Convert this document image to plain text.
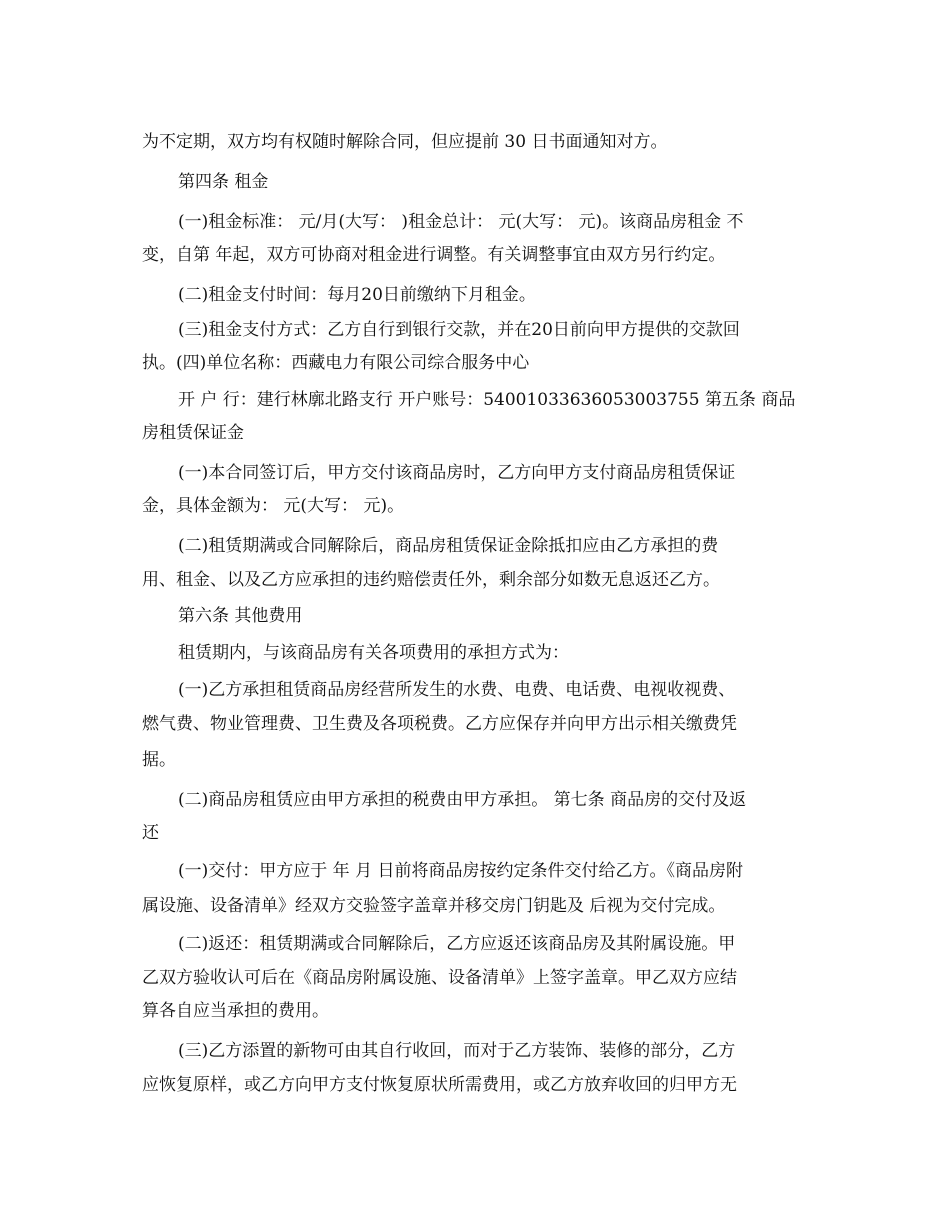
为不定期，双方均有权随时解除合同，但应提前 30 日书面通知对方。
第四条 租金
(一)租金标准： 元/月(大写： )租金总计： 元(大写： 元)。该商品房租金 不
变，自第 年起，双方可协商对租金进行调整。有关调整事宜由双方另行约定。
(二)租金支付时间：每月20日前缴纳下月租金。
(三)租金支付方式：乙方自行到银行交款，并在20日前向甲方提供的交款回
执。(四)单位名称：西藏电力有限公司综合服务中心
开 户 行：建行林廓北路支行 开户账号：54001033636053003755 第五条 商品
房租赁保证金
(一)本合同签订后，甲方交付该商品房时，乙方向甲方支付商品房租赁保证
金，具体金额为： 元(大写： 元)。
(二)租赁期满或合同解除后，商品房租赁保证金除抵扣应由乙方承担的费
用、租金、以及乙方应承担的违约赔偿责任外，剩余部分如数无息返还乙方。
第六条 其他费用
租赁期内，与该商品房有关各项费用的承担方式为：
(一)乙方承担租赁商品房经营所发生的水费、电费、电话费、电视收视费、
燃气费、物业管理费、卫生费及各项税费。乙方应保存并向甲方出示相关缴费凭
据。
(二)商品房租赁应由甲方承担的税费由甲方承担。 第七条 商品房的交付及返
还
(一)交付：甲方应于 年 月 日前将商品房按约定条件交付给乙方。《商品房附
属设施、设备清单》经双方交验签字盖章并移交房门钥匙及 后视为交付完成。
(二)返还：租赁期满或合同解除后，乙方应返还该商品房及其附属设施。甲
乙双方验收认可后在《商品房附属设施、设备清单》上签字盖章。甲乙双方应结
算各自应当承担的费用。
(三)乙方添置的新物可由其自行收回，而对于乙方装饰、装修的部分，乙方
应恢复原样，或乙方向甲方支付恢复原状所需费用，或乙方放弃收回的归甲方无
